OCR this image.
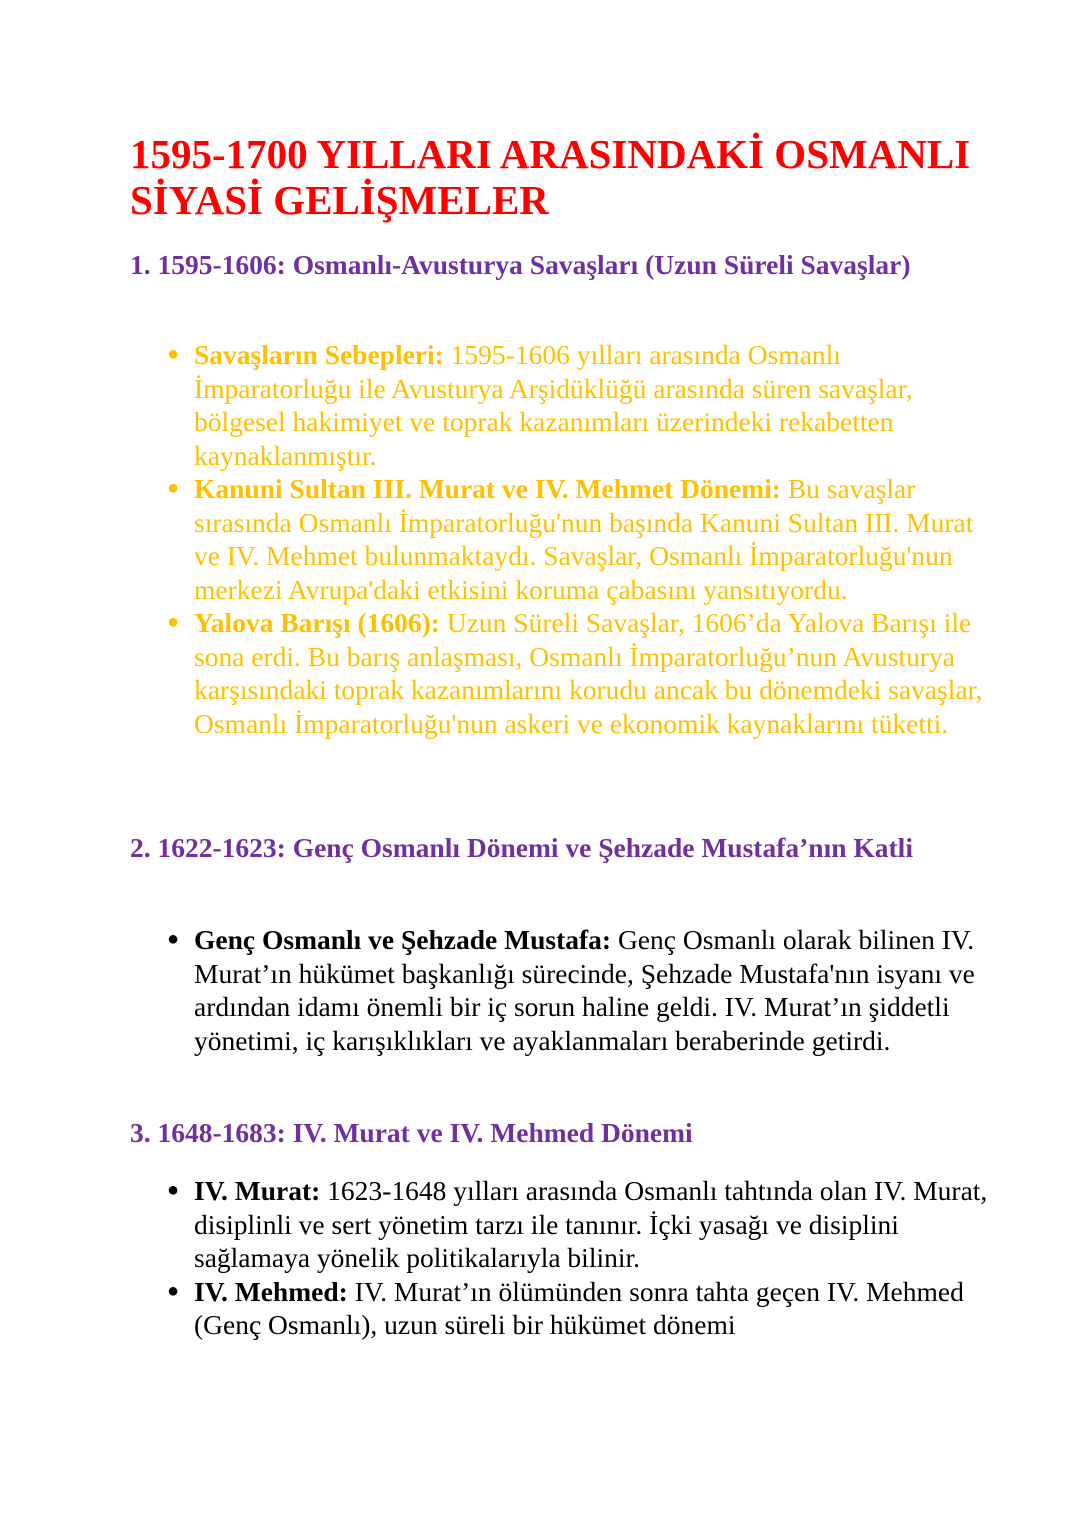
1595-1700 YILLARI ARASINDAKİ OSMANLI SİYASİ GELİŞMELER
1. 1595-1606: Osmanlı-Avusturya Savaşları (Uzun Süreli Savaşlar)
● Savaşların Sebepleri: 1595-1606 yılları arasında Osmanlı İmparatorluğu ile Avusturya Arşidüklüğü arasında süren savaşlar, bölgesel hakimiyet ve toprak kazanımları üzerindeki rekabetten kaynaklanmıştır.
● Kanuni Sultan III. Murat ve IV. Mehmet Dönemi: Bu savaşlar sırasında Osmanlı İmparatorluğu'nun başında Kanuni Sultan III. Murat ve IV. Mehmet bulunmaktaydı. Savaşlar, Osmanlı İmparatorluğu'nun merkezi Avrupa'daki etkisini koruma çabasını yansıtıyordu.
● Yalova Barışı (1606): Uzun Süreli Savaşlar, 1606’da Yalova Barışı ile sona erdi. Bu barış anlaşması, Osmanlı İmparatorluğu’nun Avusturya karşısındaki toprak kazanımlarını korudu ancak bu dönemdeki savaşlar, Osmanlı İmparatorluğu'nun askeri ve ekonomik kaynaklarını tüketti.
2. 1622-1623: Genç Osmanlı Dönemi ve Şehzade Mustafa’nın Katli
● Genç Osmanlı ve Şehzade Mustafa: Genç Osmanlı olarak bilinen IV. Murat’ın hükümet başkanlığı sürecinde, Şehzade Mustafa'nın isyanı ve ardından idamı önemli bir iç sorun haline geldi. IV. Murat’ın şiddetli yönetimi, iç karışıklıkları ve ayaklanmaları beraberinde getirdi.
3. 1648-1683: IV. Murat ve IV. Mehmed Dönemi
● IV. Murat: 1623-1648 yılları arasında Osmanlı tahtında olan IV. Murat, disiplinli ve sert yönetim tarzı ile tanınır. İçki yasağı ve disiplini sağlamaya yönelik politikalarıyla bilinir.
● IV. Mehmed: IV. Murat’ın ölümünden sonra tahta geçen IV. Mehmed (Genç Osmanlı), uzun süreli bir hükümet dönemi
